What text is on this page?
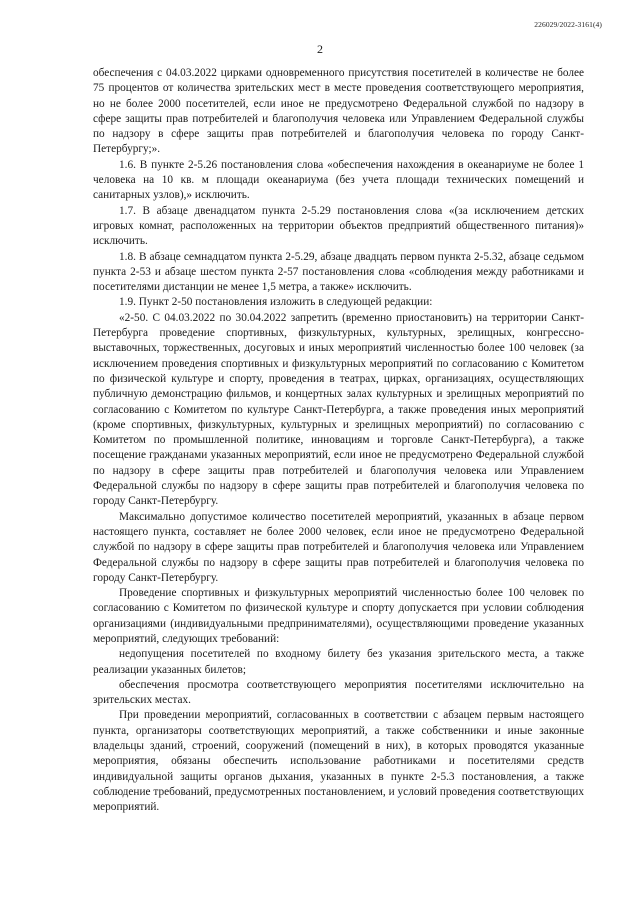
226029/2022-3161(4)
2

обеспечения с 04.03.2022 цирками одновременного присутствия посетителей в количестве не более 75 процентов от количества зрительских мест в месте проведения соответствующего мероприятия, но не более 2000 посетителей, если иное не предусмотрено Федеральной службой по надзору в сфере защиты прав потребителей и благополучия человека или Управлением Федеральной службы по надзору в сфере защиты прав потребителей и благополучия человека по городу Санкт-Петербургу;».

1.6. В пункте 2-5.26 постановления слова «обеспечения нахождения в океанариуме не более 1 человека на 10 кв. м площади океанариума (без учета площади технических помещений и санитарных узлов),» исключить.

1.7. В абзаце двенадцатом пункта 2-5.29 постановления слова «(за исключением детских игровых комнат, расположенных на территории объектов предприятий общественного питания)» исключить.

1.8. В абзаце семнадцатом пункта 2-5.29, абзаце двадцать первом пункта 2-5.32, абзаце седьмом пункта 2-53 и абзаце шестом пункта 2-57 постановления слова «соблюдения между работниками и посетителями дистанции не менее 1,5 метра, а также» исключить.

1.9. Пункт 2-50 постановления изложить в следующей редакции:

«2-50. С 04.03.2022 по 30.04.2022 запретить (временно приостановить) на территории Санкт-Петербурга проведение спортивных, физкультурных, культурных, зрелищных, конгрессно-выставочных, торжественных, досуговых и иных мероприятий численностью более 100 человек (за исключением проведения спортивных и физкультурных мероприятий по согласованию с Комитетом по физической культуре и спорту, проведения в театрах, цирках, организациях, осуществляющих публичную демонстрацию фильмов, и концертных залах культурных и зрелищных мероприятий по согласованию с Комитетом по культуре Санкт-Петербурга, а также проведения иных мероприятий (кроме спортивных, физкультурных, культурных и зрелищных мероприятий) по согласованию с Комитетом по промышленной политике, инновациям и торговле Санкт-Петербурга), а также посещение гражданами указанных мероприятий, если иное не предусмотрено Федеральной службой по надзору в сфере защиты прав потребителей и благополучия человека или Управлением Федеральной службы по надзору в сфере защиты прав потребителей и благополучия человека по городу Санкт-Петербургу.

Максимально допустимое количество посетителей мероприятий, указанных в абзаце первом настоящего пункта, составляет не более 2000 человек, если иное не предусмотрено Федеральной службой по надзору в сфере защиты прав потребителей и благополучия человека или Управлением Федеральной службы по надзору в сфере защиты прав потребителей и благополучия человека по городу Санкт-Петербургу.

Проведение спортивных и физкультурных мероприятий численностью более 100 человек по согласованию с Комитетом по физической культуре и спорту допускается при условии соблюдения организациями (индивидуальными предпринимателями), осуществляющими проведение указанных мероприятий, следующих требований:

недопущения посетителей по входному билету без указания зрительского места, а также реализации указанных билетов;

обеспечения просмотра соответствующего мероприятия посетителями исключительно на зрительских местах.

При проведении мероприятий, согласованных в соответствии с абзацем первым настоящего пункта, организаторы соответствующих мероприятий, а также собственники и иные законные владельцы зданий, строений, сооружений (помещений в них), в которых проводятся указанные мероприятия, обязаны обеспечить использование работниками и посетителями средств индивидуальной защиты органов дыхания, указанных в пункте 2-5.3 постановления, а также соблюдение требований, предусмотренных постановлением, и условий проведения соответствующих мероприятий.
